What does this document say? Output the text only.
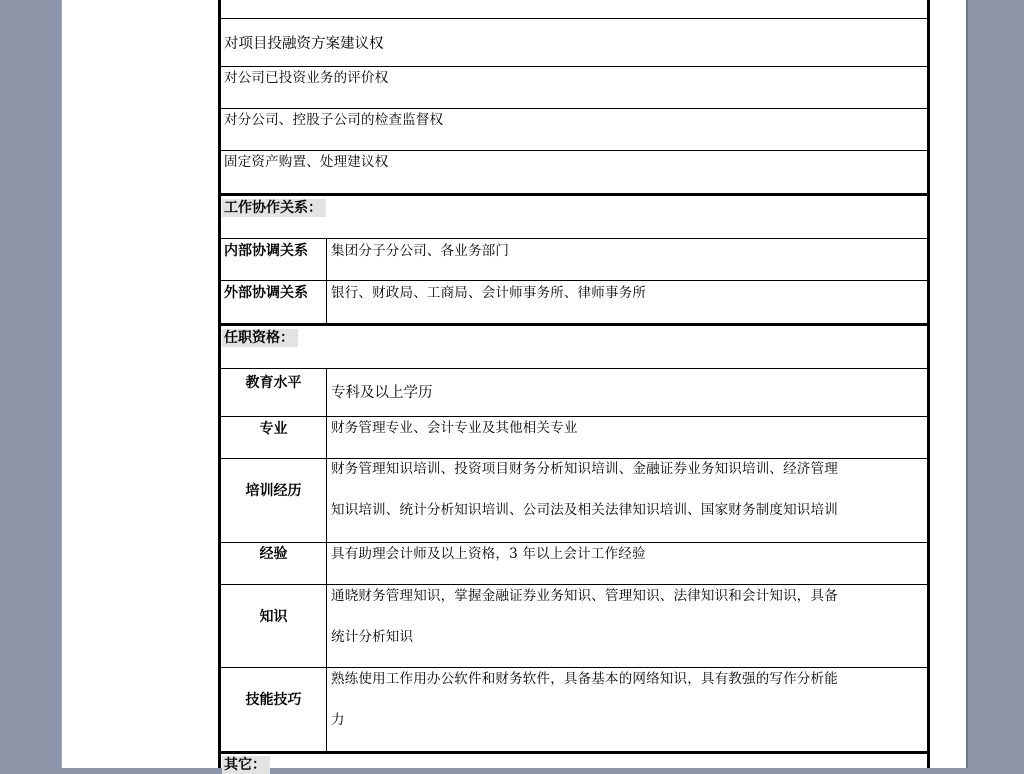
对项目投融资方案建议权
对公司已投资业务的评价权
对分公司、控股子公司的检查监督权
固定资产购置、处理建议权
工作协作关系：
内部协调关系 集团分子分公司、各业务部门
外部协调关系 银行、财政局、工商局、会计师事务所、律师事务所
任职资格：
教育水平
专科及以上学历
专业	财务管理专业、会计专业及其他相关专业
培训经历
财务管理知识培训、投资项目财务分析知识培训、金融证券业务知识培训、经济管理
知识培训、统计分析知识培训、公司法及相关法律知识培训、国家财务制度知识培训
经验	具有助理会计师及以上资格，3 年以上会计工作经验
知识
通晓财务管理知识，掌握金融证券业务知识、管理知识、法律知识和会计知识，具备
统计分析知识
技能技巧
熟练使用工作用办公软件和财务软件，具备基本的网络知识，具有教强的写作分析能
力
其它：
